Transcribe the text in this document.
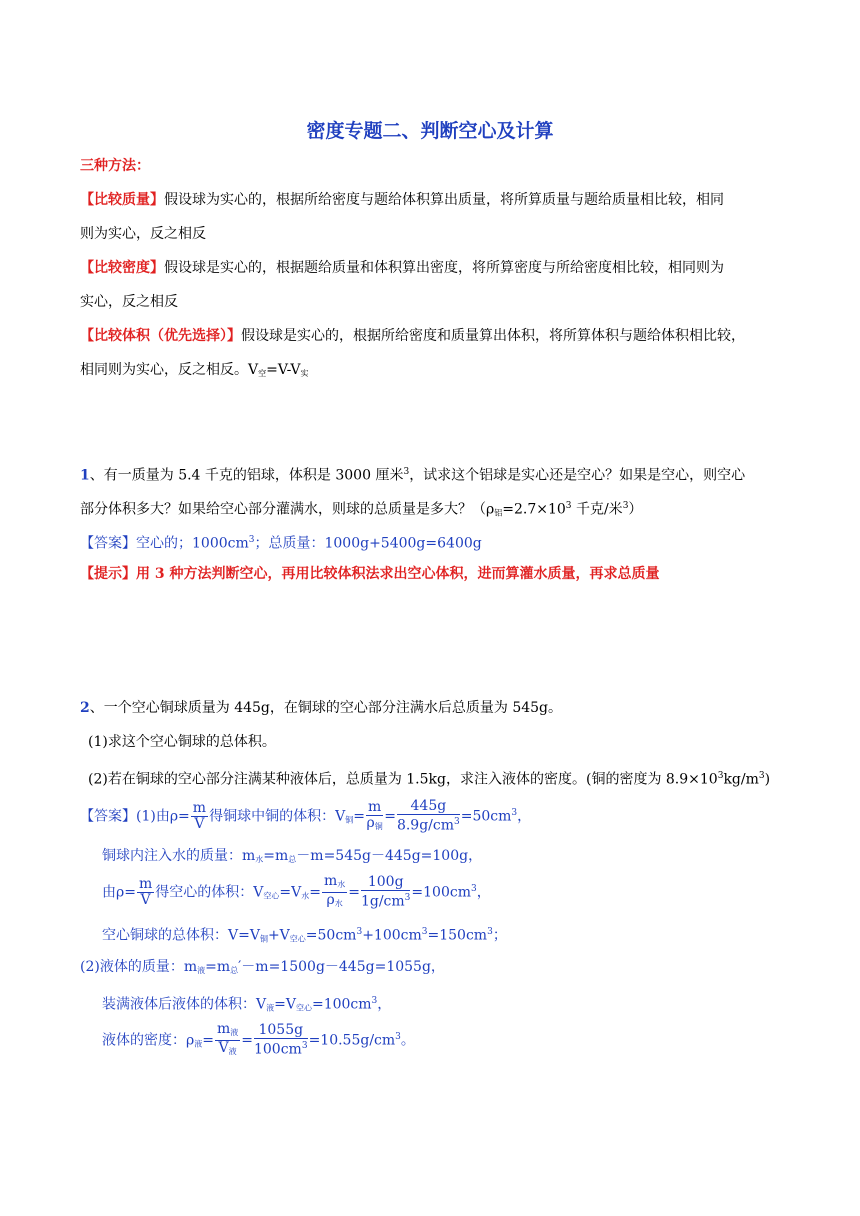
密度专题二、判断空心及计算
三种方法：
【比较质量】假设球为实心的，根据所给密度与题给体积算出质量，将所算质量与题给质量相比较，相同
则为实心，反之相反
【比较密度】假设球是实心的，根据题给质量和体积算出密度，将所算密度与所给密度相比较，相同则为
实心，反之相反
【比较体积（优先选择）】假设球是实心的，根据所给密度和质量算出体积，将所算体积与题给体积相比较，
相同则为实心，反之相反。$V_空=V-V_实$
1、有一质量为 5.4 千克的铝球，体积是 3000 厘米$^3$，试求这个铝球是实心还是空心？如果是空心，则空心
部分体积多大？如果给空心部分灌满水，则球的总质量是多大？（$\rho_铝=2.7\times 10^3$ 千克/米$^3$）
【答案】空心的；$1000cm^3$；总质量：1000g+5400g=6400g
【提示】用 3 种方法判断空心，再用比较体积法求出空心体积，进而算灌水质量，再求总质量
2、一个空心铜球质量为 445g，在铜球的空心部分注满水后总质量为 545g。
(1)求这个空心铜球的总体积。
(2)若在铜球的空心部分注满某种液体后，总质量为 1.5kg，求注入液体的密度。(铜的密度为 $8.9\times 10^3kg/m^3$)
【答案】(1)由$\rho= \frac{m}{V}$ 得铜球中铜的体积：$V_铜= \frac{m}{\rho_铜} = \frac{445g}{8.9g/cm^3} =50cm^3$，
铜球内注入水的质量：$m_水=m_总-m=545g-445g=100g$，
由$\rho= \frac{m}{V}$ 得空心的体积：$V_{空心}=V_水= \frac{m_水}{\rho_水} = \frac{100g}{1g/cm^3} =100cm^3$，
空心铜球的总体积：$V=V_铜+V_{空心}=50cm^3+100cm^3=150cm^3$；
(2)液体的质量：$m_液=m_总'-m=1500g-445g=1055g$，
装满液体后液体的体积：$V_液=V_{空心}=100cm^3$，
液体的密度：$\rho_液= \frac{m_液}{V_液} = \frac{1055g}{100cm^3} =10.55g/cm^3$。
